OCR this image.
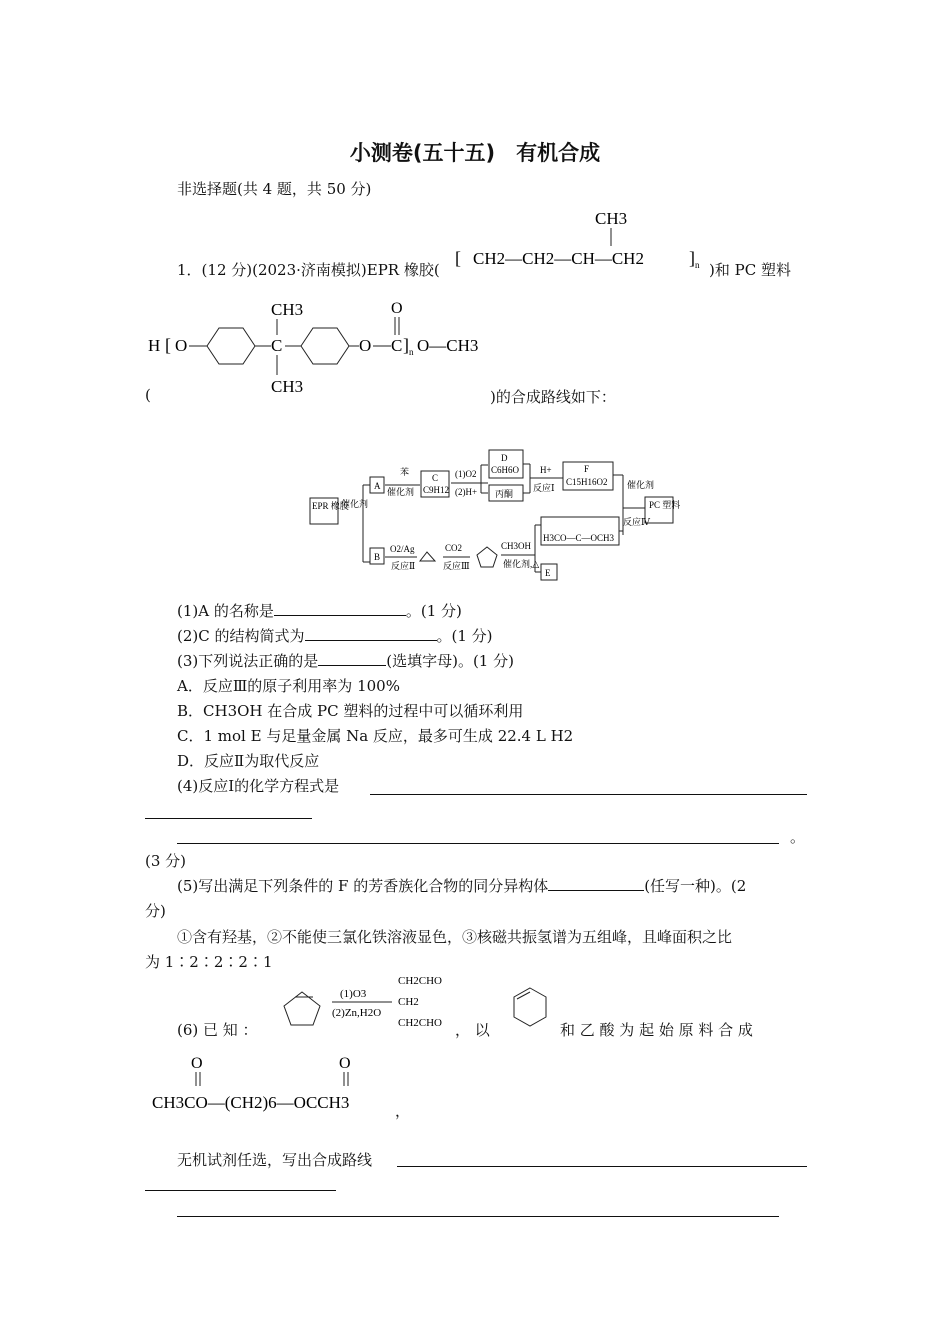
小测卷(五十五)　有机合成
非选择题(共 4 题，共 50 分)
1．(12 分)(2023·济南模拟)EPR 橡胶(
CH3
[ CH2—CH2—CH—CH2	] n )和 PC 塑料
H [ O	C
CH3
CH3
O C
O
] n O—CH3
(	)的合成路线如下：
EPR 橡胶
催化剂
A
苯
催化剂
C
C9H12
(1)O2
(2)H+
D
C6H6O
丙酮
H+
反应Ⅰ
F
C15H16O2 催化剂
反应Ⅳ
PC 塑料
B
O2/Ag
反应Ⅱ
CO2
反应Ⅲ
CH3OH
催化剂,△
H3CO—C—OCH3
E
(1)A 的名称是	。(1 分)
(2)C 的结构简式为	。(1 分)
(3)下列说法正确的是	(选填字母)。(1 分)
A．反应Ⅲ的原子利用率为 100%
B．CH3OH 在合成 PC 塑料的过程中可以循环利用
C．1 mol E 与足量金属 Na 反应，最多可生成 22.4 L H2
D．反应Ⅱ为取代反应
(4)反应Ⅰ的化学方程式是
。
(3 分)
(5)写出满足下列条件的 F 的芳香族化合物的同分异构体	(任写一种)。(2
分)
①含有羟基，②不能使三氯化铁溶液显色，③核磁共振氢谱为五组峰，且峰面积之比
为 1∶2∶2∶2∶1
(6) 已 知 ：
(1)O3
(2)Zn,H2O
CH2CHO
CH2
CH2CHO ， 以	和 乙 酸 为 起 始 原 料 合 成
O	O
CH3CO—(CH2)6—OCCH3	，
无机试剂任选，写出合成路线
